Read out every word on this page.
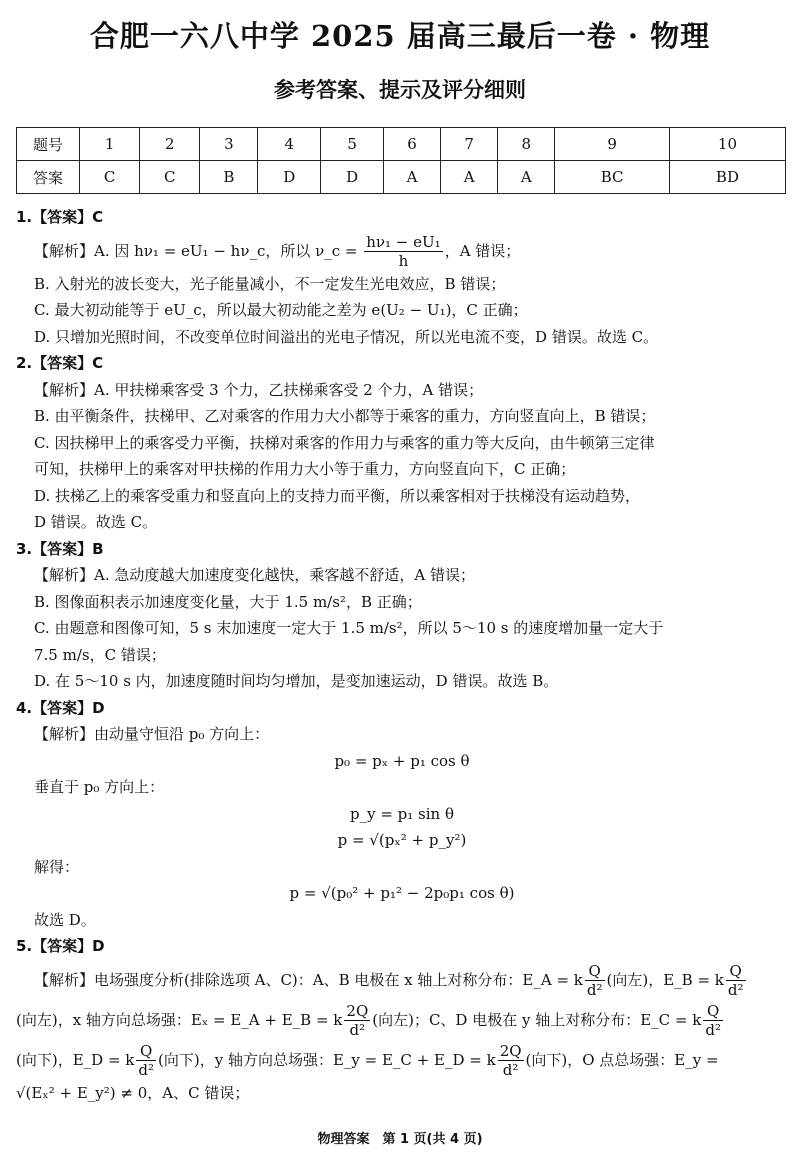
合肥一六八中学 2025 届高三最后一卷 · 物理
参考答案、提示及评分细则
题号	1	2	3	4	5	6	7	8	9	10
答案	C	C	B	D	D	A	A	A	BC	BD
1.【答案】C
【解析】A. 因 hν₁ = eU₁ − hν_c，所以 ν_c = $\frac{\text{hν₁ − eU₁}}{h}$ ，A 错误；
B. 入射光的波长变大，光子能量减小，不一定发生光电效应，B 错误；
C. 最大初动能等于 eU_c，所以最大初动能之差为 e(U₂ − U₁)，C 正确；
D. 只增加光照时间，不改变单位时间溢出的光电子情况，所以光电流不变，D 错误。故选 C。
2.【答案】C
【解析】A. 甲扶梯乘客受 3 个力，乙扶梯乘客受 2 个力，A 错误；
B. 由平衡条件，扶梯甲、乙对乘客的作用力大小都等于乘客的重力，方向竖直向上，B 错误；
C. 因扶梯甲上的乘客受力平衡，扶梯对乘客的作用力与乘客的重力等大反向，由牛顿第三定律
可知，扶梯甲上的乘客对甲扶梯的作用力大小等于重力，方向竖直向下，C 正确；
D. 扶梯乙上的乘客受重力和竖直向上的支持力而平衡，所以乘客相对于扶梯没有运动趋势，
D 错误。故选 C。
3.【答案】B
【解析】A. 急动度越大加速度变化越快，乘客越不舒适，A 错误；
B. 图像面积表示加速度变化量，大于 1.5 m/s²，B 正确；
C. 由题意和图像可知，5 s 末加速度一定大于 1.5 m/s²，所以 5～10 s 的速度增加量一定大于
7.5 m/s，C 错误；
D. 在 5～10 s 内，加速度随时间均匀增加，是变加速运动，D 错误。故选 B。
4.【答案】D
【解析】由动量守恒沿 p₀ 方向上：
p₀ = pₓ + p₁ cos θ
垂直于 p₀ 方向上：
p_y = p₁ sin θ
p = √(pₓ² + p_y²)
解得：
p = √(p₀² + p₁² − 2p₀p₁ cos θ)
故选 D。
5.【答案】D
【解析】电场强度分析(排除选项 A、C)：A、B 电极在 x 轴上对称分布：E_A = k $\frac{Q}{\text{d²}}$ (向左)，E_B = k $\frac{Q}{\text{d²}}$
(向左)，x 轴方向总场强：Eₓ = E_A + E_B = k $\frac{2Q}{\text{d²}}$ (向左)；C、D 电极在 y 轴上对称分布：E_C = k $\frac{Q}{\text{d²}}$
(向下)，E_D = k $\frac{Q}{\text{d²}}$ (向下)，y 轴方向总场强：E_y = E_C + E_D = k $\frac{2Q}{\text{d²}}$ (向下)，O 点总场强：E_y =
√(Eₓ² + E_y²) ≠ 0，A、C 错误；
物理答案　第 1 页(共 4 页)
